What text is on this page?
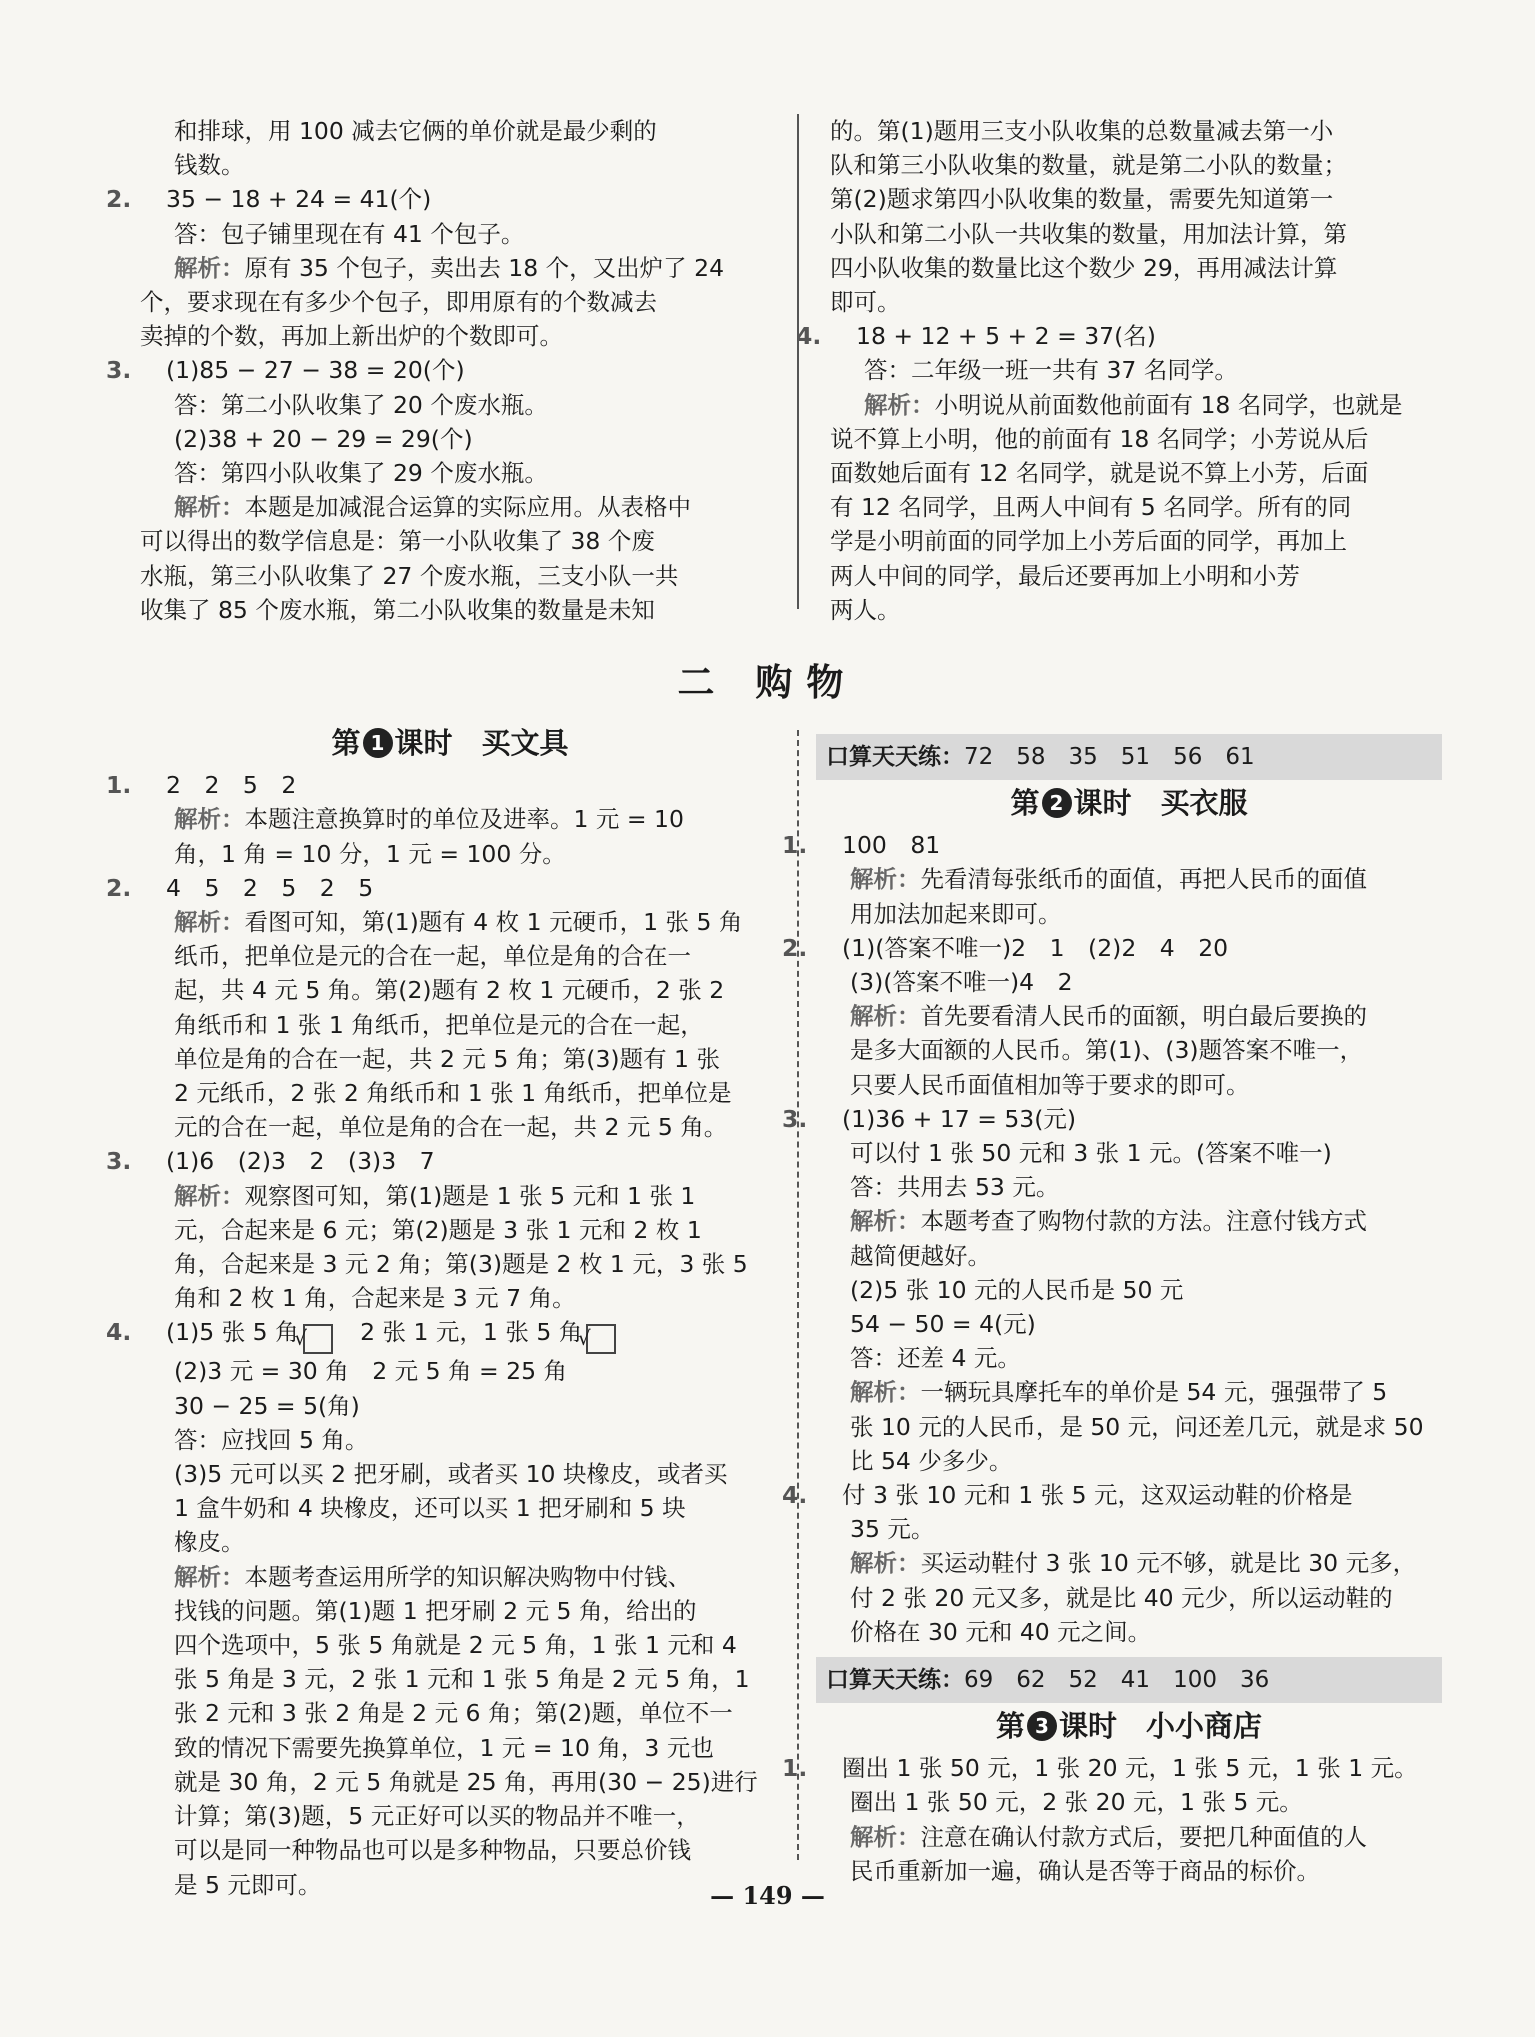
和排球，用 100 减去它俩的单价就是最少剩的
钱数。
2. 35 − 18 + 24 = 41(个)
答：包子铺里现在有 41 个包子。
解析：原有 35 个包子，卖出去 18 个，又出炉了 24
个，要求现在有多少个包子，即用原有的个数减去
卖掉的个数，再加上新出炉的个数即可。
3. (1)85 − 27 − 38 = 20(个)
答：第二小队收集了 20 个废水瓶。
(2)38 + 20 − 29 = 29(个)
答：第四小队收集了 29 个废水瓶。
解析：本题是加减混合运算的实际应用。从表格中
可以得出的数学信息是：第一小队收集了 38 个废
水瓶，第三小队收集了 27 个废水瓶，三支小队一共
收集了 85 个废水瓶，第二小队收集的数量是未知
的。第(1)题用三支小队收集的总数量减去第一小
队和第三小队收集的数量，就是第二小队的数量；
第(2)题求第四小队收集的数量，需要先知道第一
小队和第二小队一共收集的数量，用加法计算，第
四小队收集的数量比这个数少 29，再用减法计算
即可。
4. 18 + 12 + 5 + 2 = 37(名)
答：二年级一班一共有 37 名同学。
解析：小明说从前面数他前面有 18 名同学，也就是
说不算上小明，他的前面有 18 名同学；小芳说从后
面数她后面有 12 名同学，就是说不算上小芳，后面
有 12 名同学，且两人中间有 5 名同学。所有的同
学是小明前面的同学加上小芳后面的同学，再加上
两人中间的同学，最后还要再加上小明和小芳
两人。
二 购物
第 1 课时　买文具
1. 2　2　5　2
解析：本题注意换算时的单位及进率。1 元 = 10
角，1 角 = 10 分，1 元 = 100 分。
2. 4　5　2　5　2　5
解析：看图可知，第(1)题有 4 枚 1 元硬币，1 张 5 角
纸币，把单位是元的合在一起，单位是角的合在一
起，共 4 元 5 角。第(2)题有 2 枚 1 元硬币，2 张 2
角纸币和 1 张 1 角纸币，把单位是元的合在一起，
单位是角的合在一起，共 2 元 5 角；第(3)题有 1 张
2 元纸币，2 张 2 角纸币和 1 张 1 角纸币，把单位是
元的合在一起，单位是角的合在一起，共 2 元 5 角。
3. (1)6　(2)3　2　(3)3　7
解析：观察图可知，第(1)题是 1 张 5 元和 1 张 1
元，合起来是 6 元；第(2)题是 3 张 1 元和 2 枚 1
角，合起来是 3 元 2 角；第(3)题是 2 枚 1 元，3 张 5
角和 2 枚 1 角，合起来是 3 元 7 角。
4. (1)5 张 5 角√　2 张 1 元，1 张 5 角√
(2)3 元 = 30 角　2 元 5 角 = 25 角
30 − 25 = 5(角)
答：应找回 5 角。
(3)5 元可以买 2 把牙刷，或者买 10 块橡皮，或者买
1 盒牛奶和 4 块橡皮，还可以买 1 把牙刷和 5 块
橡皮。
解析：本题考查运用所学的知识解决购物中付钱、
找钱的问题。第(1)题 1 把牙刷 2 元 5 角，给出的
四个选项中，5 张 5 角就是 2 元 5 角，1 张 1 元和 4
张 5 角是 3 元，2 张 1 元和 1 张 5 角是 2 元 5 角，1
张 2 元和 3 张 2 角是 2 元 6 角；第(2)题，单位不一
致的情况下需要先换算单位，1 元 = 10 角，3 元也
就是 30 角，2 元 5 角就是 25 角，再用(30 − 25)进行
计算；第(3)题，5 元正好可以买的物品并不唯一，
可以是同一种物品也可以是多种物品，只要总价钱
是 5 元即可。
口算天天练：72　58　35　51　56　61
第 2 课时　买衣服
1. 100　81
解析：先看清每张纸币的面值，再把人民币的面值
用加法加起来即可。
2. (1)(答案不唯一)2　1　(2)2　4　20
(3)(答案不唯一)4　2
解析：首先要看清人民币的面额，明白最后要换的
是多大面额的人民币。第(1)、(3)题答案不唯一，
只要人民币面值相加等于要求的即可。
3. (1)36 + 17 = 53(元)
可以付 1 张 50 元和 3 张 1 元。(答案不唯一)
答：共用去 53 元。
解析：本题考查了购物付款的方法。注意付钱方式
越简便越好。
(2)5 张 10 元的人民币是 50 元
54 − 50 = 4(元)
答：还差 4 元。
解析：一辆玩具摩托车的单价是 54 元，强强带了 5
张 10 元的人民币，是 50 元，问还差几元，就是求 50
比 54 少多少。
4. 付 3 张 10 元和 1 张 5 元，这双运动鞋的价格是
35 元。
解析：买运动鞋付 3 张 10 元不够，就是比 30 元多，
付 2 张 20 元又多，就是比 40 元少，所以运动鞋的
价格在 30 元和 40 元之间。
口算天天练：69　62　52　41　100　36
第 3 课时　小小商店
1. 圈出 1 张 50 元，1 张 20 元，1 张 5 元，1 张 1 元。
圈出 1 张 50 元，2 张 20 元，1 张 5 元。
解析：注意在确认付款方式后，要把几种面值的人
民币重新加一遍，确认是否等于商品的标价。
— 149 —
